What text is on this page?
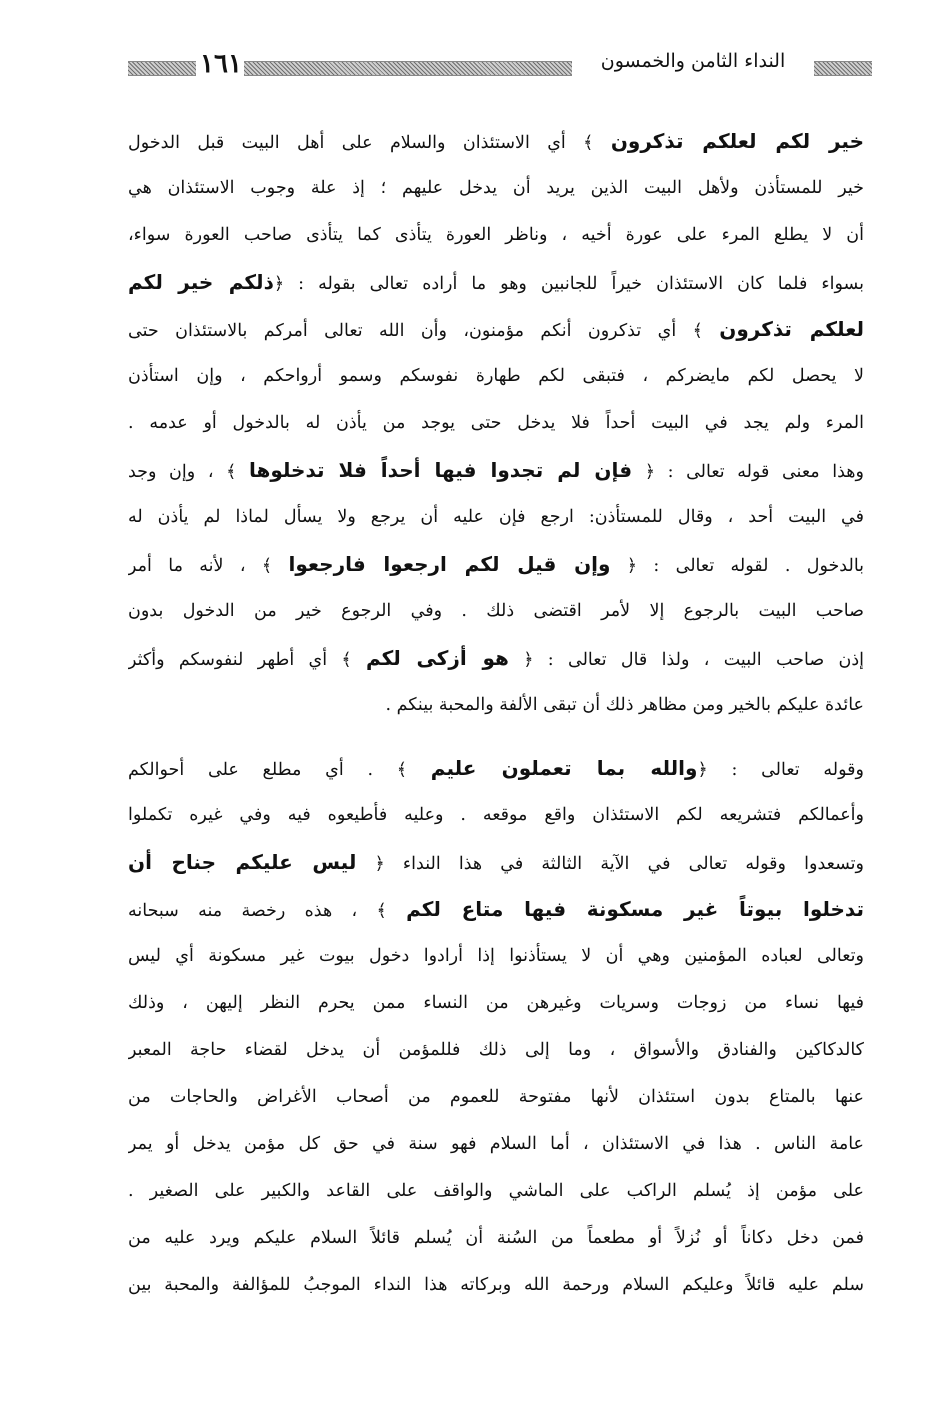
النداء الثامن والخمسون
١٦١
خير لكم لعلكم تذكرون ﴾ أي الاستئذان والسلام على أهل البيت قبل الدخول
خير للمستأذن ولأهل البيت الذين يريد أن يدخل عليهم ؛ إذ علة وجوب الاستئذان هي
أن لا يطلع المرء على عورة أخيه ، وناظر العورة يتأذى كما يتأذى صاحب العورة سواء،
بسواء فلما كان الاستئذان خيراً للجانبين وهو ما أراده تعالى بقوله : ﴿ذلكم خير لكم
لعلكم تذكرون ﴾ أي تذكرون أنكم مؤمنون، وأن الله تعالى أمركم بالاستئذان حتى
لا يحصل لكم مايضركم ، فتبقى لكم طهارة نفوسكم وسمو أرواحكم ، وإن استأذن
المرء ولم يجد في البيت أحداً فلا يدخل حتى يوجد من يأذن له بالدخول أو عدمه .
وهذا معنى قوله تعالى : ﴿ فإن لم تجدوا فيها أحداً فلا تدخلوها ﴾ ، وإن وجد
في البيت أحد ، وقال للمستأذن: ارجع فإن عليه أن يرجع ولا يسأل لماذا لم يأذن له
بالدخول . لقوله تعالى : ﴿ وإن قيل لكم ارجعوا فارجعوا ﴾ ، لأنه ما أمر
صاحب البيت بالرجوع إلا لأمر اقتضى ذلك . وفي الرجوع خير من الدخول بدون
إذن صاحب البيت ، ولذا قال تعالى : ﴿ هو أزكى لكم ﴾ أي أطهر لنفوسكم وأكثر
عائدة عليكم بالخير ومن مظاهر ذلك أن تبقى الألفة والمحبة بينكم .
وقوله تعالى : ﴿والله بما تعملون عليم ﴾ . أي مطلع على أحوالكم
وأعمالكم فتشريعه لكم الاستئذان واقع موقعه . وعليه فأطيعوه فيه وفي غيره تكملوا
وتسعدوا وقوله تعالى في الآية الثالثة في هذا النداء ﴿ ليس عليكم جناح أن
تدخلوا بيوتاً غير مسكونة فيها متاع لكم ﴾ ، هذه رخصة منه سبحانه
وتعالى لعباده المؤمنين وهي أن لا يستأذنوا إذا أرادوا دخول بيوت غير مسكونة أي ليس
فيها نساء من زوجات وسريات وغيرهن من النساء ممن يحرم النظر إليهن ، وذلك
كالدكاكين والفنادق والأسواق ، وما إلى ذلك فللمؤمن أن يدخل لقضاء حاجة المعبر
عنها بالمتاع بدون استئذان لأنها مفتوحة للعموم من أصحاب الأغراض والحاجات من
عامة الناس . هذا في الاستئذان ، أما السلام فهو سنة في حق كل مؤمن يدخل أو يمر
على مؤمن إذ يُسلم الراكب على الماشي والواقف على القاعد والكبير على الصغير .
فمن دخل دكاناً أو نُزلاً أو مطعماً من السُنة أن يُسلم قائلاً السلام عليكم ويرد عليه من
سلم عليه قائلاً وعليكم السلام ورحمة الله وبركاته هذا النداء الموجبُ للمؤالفة والمحبة بين
